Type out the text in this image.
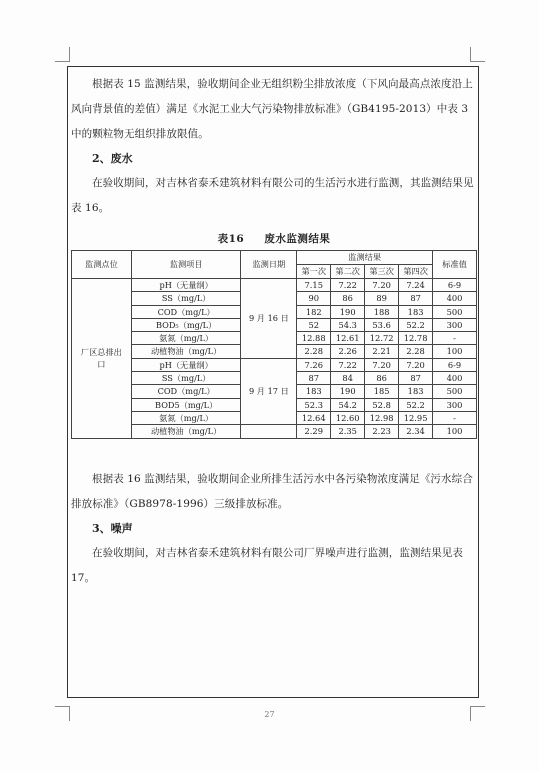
根据表 15 监测结果，验收期间企业无组织粉尘排放浓度（下风向最高点浓度沿上风向背景值的差值）满足《水泥工业大气污染物排放标准》（GB4195-2013）中表 3 中的颗粒物无组织排放限值。

2、废水

在验收期间，对吉林省泰禾建筑材料有限公司的生活污水进行监测，其监测结果见表 16。

表16 废水监测结果
监测点位	监测项目	监测日期	监测结果				标准值
			第一次	第二次	第三次	第四次	
厂区总排出口	pH（无量纲）	9 月 16 日	7.15	7.22	7.20	7.24	6-9
	SS（mg/L）		90	86	89	87	400
	COD（mg/L）		182	190	188	183	500
	BOD₅（mg/L）		52	54.3	53.6	52.2	300
	氨氮（mg/L）		12.88	12.61	12.72	12.78	-
	动植物油（mg/L）		2.28	2.26	2.21	2.28	100
	pH（无量纲）	9 月 17 日	7.26	7.22	7.20	7.20	6-9
	SS（mg/L）		87	84	86	87	400
	COD（mg/L）		183	190	185	183	500
	BOD5（mg/L）		52.3	54.2	52.8	52.2	300
	氨氮（mg/L）		12.64	12.60	12.98	12.95	-
	动植物油（mg/L）		2.29	2.35	2.23	2.34	100

根据表 16 监测结果，验收期间企业所排生活污水中各污染物浓度满足《污水综合排放标准》（GB8978-1996）三级排放标准。

3、噪声

在验收期间，对吉林省泰禾建筑材料有限公司厂界噪声进行监测，监测结果见表 17。

27
